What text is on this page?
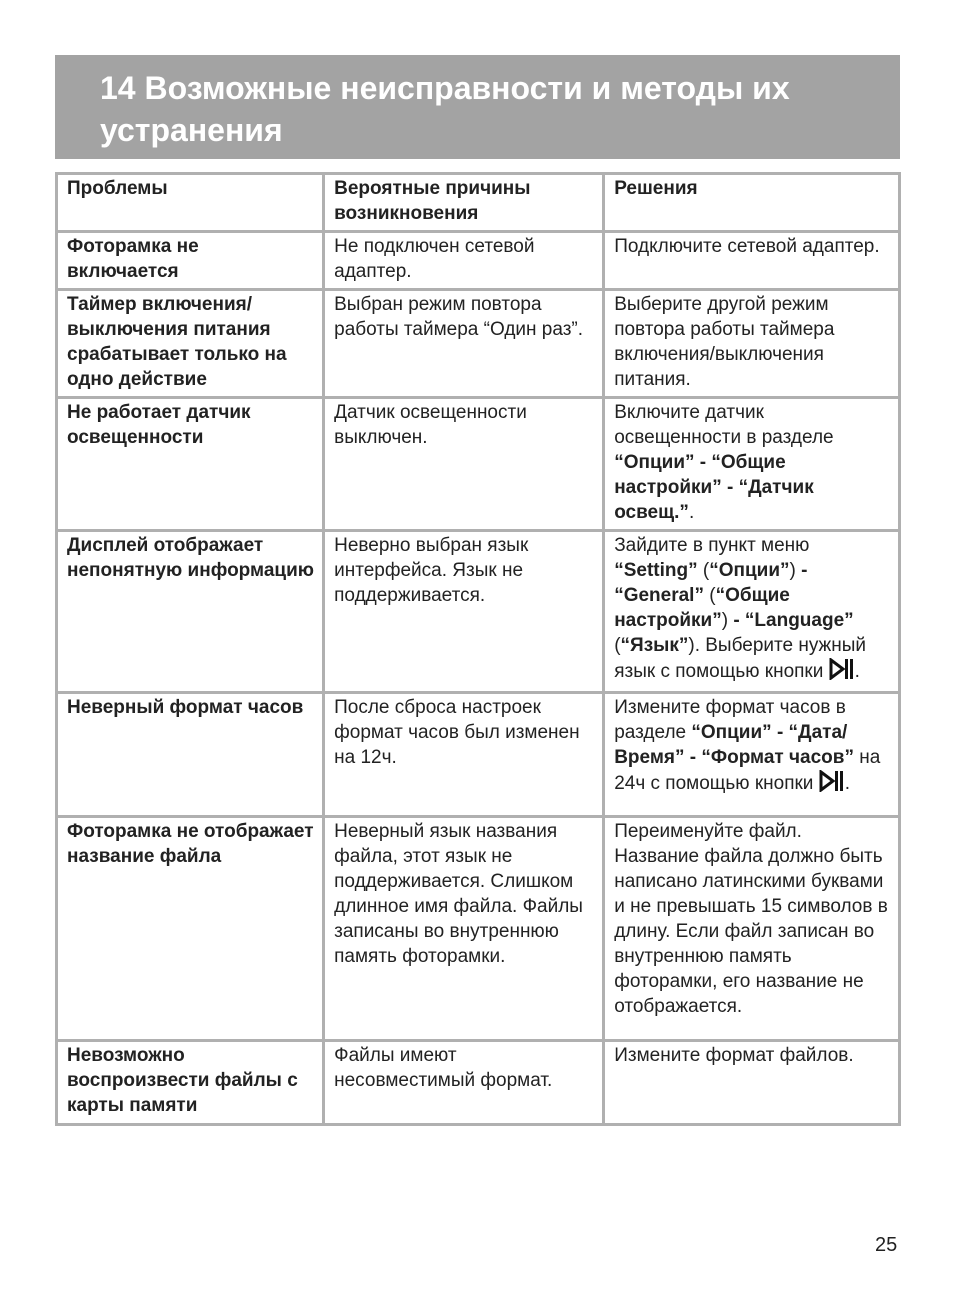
14 Возможные неисправности и методы их устранения
Проблемы	Вероятные причины возникновения	Решения
Фоторамка не включается	Не подключен сетевой адаптер.	Подключите сетевой адаптер.
Таймер включения/ выключения питания срабатывает только на одно действие	Выбран режим повтора работы таймера “Один раз”.	Выберите другой режим повтора работы таймера включения/выключения питания.
Не работает датчик освещенности	Датчик освещенности выключен.	Включите датчик освещенности в разделе “Опции” - “Общие настройки” - “Датчик освещ.”.
Дисплей отображает непонятную информацию	Неверно выбран язык интерфейса. Язык не поддерживается.	Зайдите в пункт меню “Setting” (“Опции”) - “General” (“Общие настройки”) - “Language” (“Язык”). Выберите нужный язык с помощью кнопки .
Неверный формат часов	После сброса настроек формат часов был изменен на 12ч.	Измените формат часов в разделе “Опции” - “Дата/Время” - “Формат часов” на 24ч с помощью кнопки .
Фоторамка не отображает название файла	Неверный язык названия файла, этот язык не поддерживается. Слишком длинное имя файла. Файлы записаны во внутреннюю память фоторамки.	Переименуйте файл. Название файла должно быть написано латинскими буквами и не превышать 15 символов в длину. Если файл записан во внутреннюю память фоторамки, его название не отображается.
Невозможно воспроизвести файлы с карты памяти	Файлы имеют несовместимый формат.	Измените формат файлов.
25
